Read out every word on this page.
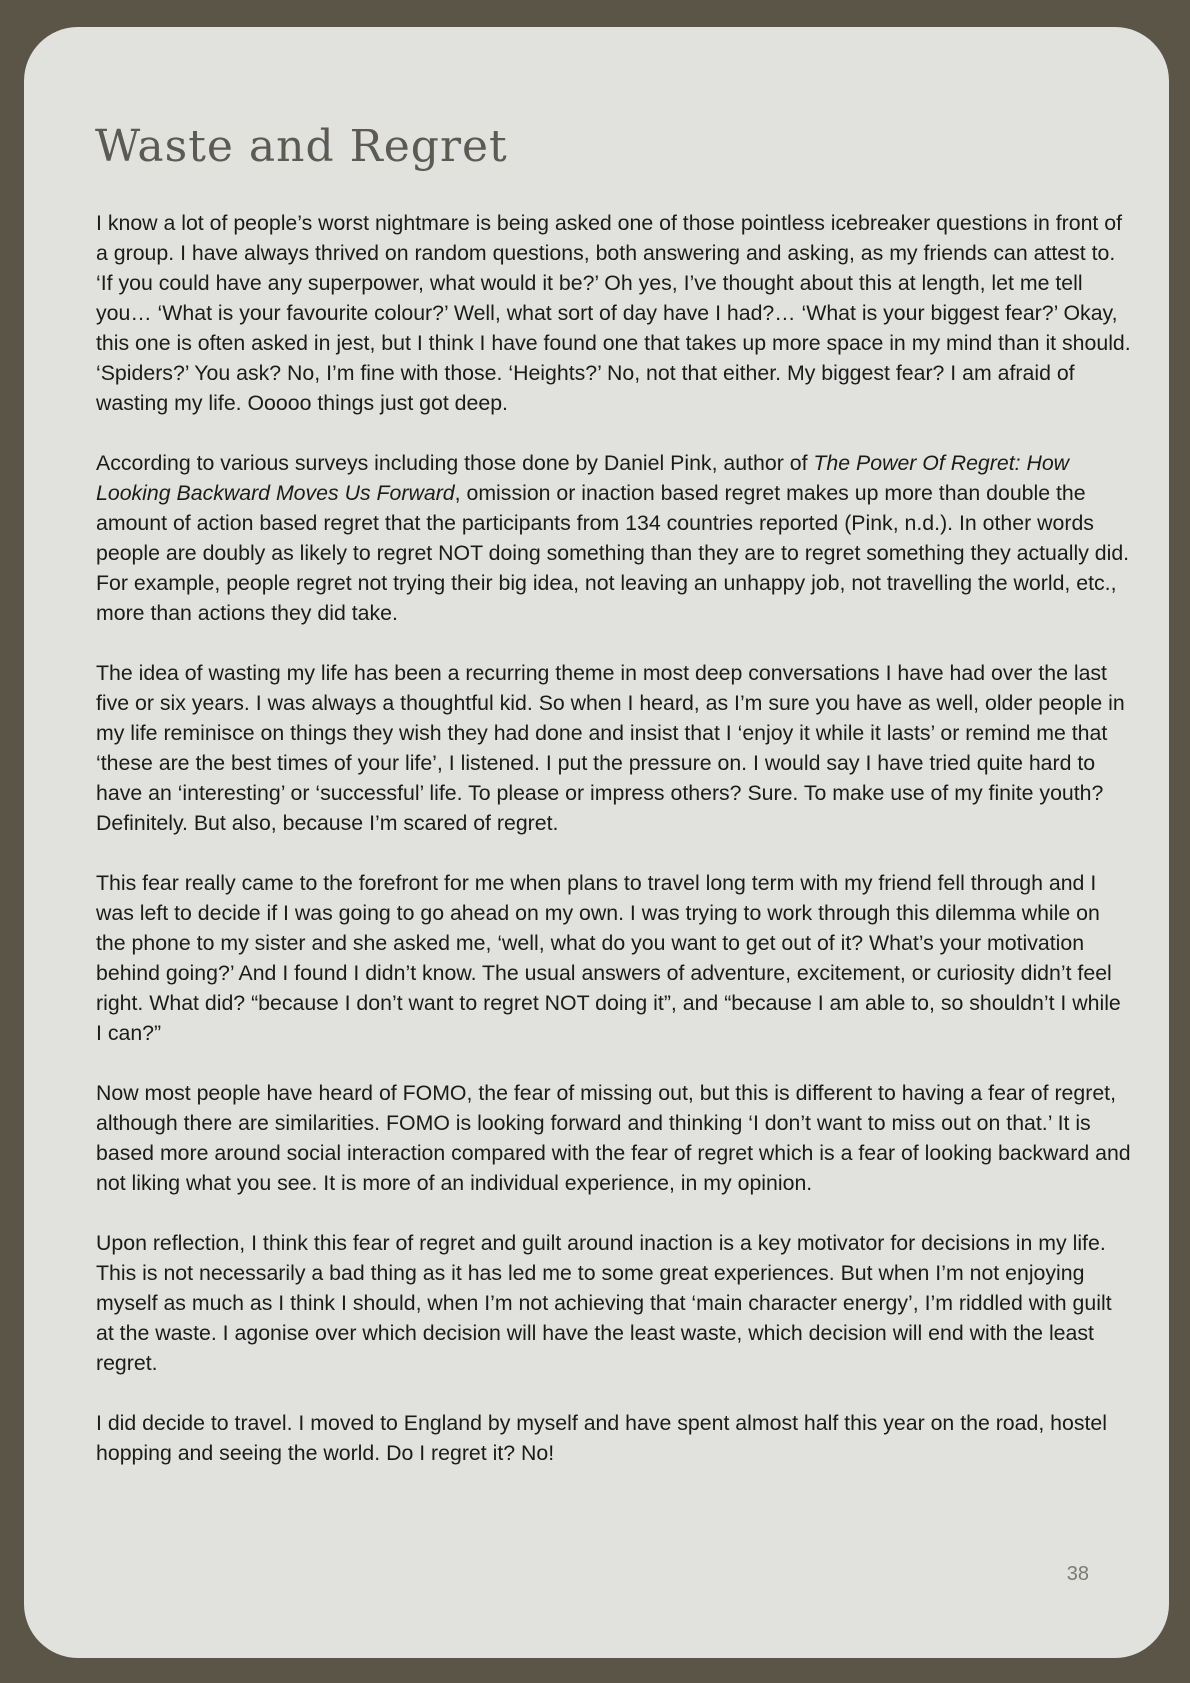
Waste and Regret

I know a lot of people’s worst nightmare is being asked one of those pointless icebreaker questions in front of a group. I have always thrived on random questions, both answering and asking, as my friends can attest to. ‘If you could have any superpower, what would it be?’ Oh yes, I’ve thought about this at length, let me tell you… ‘What is your favourite colour?’ Well, what sort of day have I had?… ‘What is your biggest fear?’ Okay, this one is often asked in jest, but I think I have found one that takes up more space in my mind than it should. ‘Spiders?’ You ask? No, I’m fine with those. ‘Heights?’ No, not that either. My biggest fear? I am afraid of wasting my life. Ooooo things just got deep.

According to various surveys including those done by Daniel Pink, author of The Power Of Regret: How Looking Backward Moves Us Forward, omission or inaction based regret makes up more than double the amount of action based regret that the participants from 134 countries reported (Pink, n.d.). In other words people are doubly as likely to regret NOT doing something than they are to regret something they actually did. For example, people regret not trying their big idea, not leaving an unhappy job, not travelling the world, etc., more than actions they did take.

The idea of wasting my life has been a recurring theme in most deep conversations I have had over the last five or six years. I was always a thoughtful kid. So when I heard, as I’m sure you have as well, older people in my life reminisce on things they wish they had done and insist that I ‘enjoy it while it lasts’ or remind me that ‘these are the best times of your life’, I listened. I put the pressure on. I would say I have tried quite hard to have an ‘interesting’ or ‘successful’ life. To please or impress others? Sure. To make use of my finite youth? Definitely. But also, because I’m scared of regret.

This fear really came to the forefront for me when plans to travel long term with my friend fell through and I was left to decide if I was going to go ahead on my own. I was trying to work through this dilemma while on the phone to my sister and she asked me, ‘well, what do you want to get out of it? What’s your motivation behind going?’ And I found I didn’t know. The usual answers of adventure, excitement, or curiosity didn’t feel right. What did? “because I don’t want to regret NOT doing it”, and “because I am able to, so shouldn’t I while I can?”

Now most people have heard of FOMO, the fear of missing out, but this is different to having a fear of regret, although there are similarities. FOMO is looking forward and thinking ‘I don’t want to miss out on that.’ It is based more around social interaction compared with the fear of regret which is a fear of looking backward and not liking what you see. It is more of an individual experience, in my opinion.

Upon reflection, I think this fear of regret and guilt around inaction is a key motivator for decisions in my life. This is not necessarily a bad thing as it has led me to some great experiences. But when I’m not enjoying myself as much as I think I should, when I’m not achieving that ‘main character energy’, I’m riddled with guilt at the waste. I agonise over which decision will have the least waste, which decision will end with the least regret.

I did decide to travel. I moved to England by myself and have spent almost half this year on the road, hostel hopping and seeing the world. Do I regret it? No!

38
